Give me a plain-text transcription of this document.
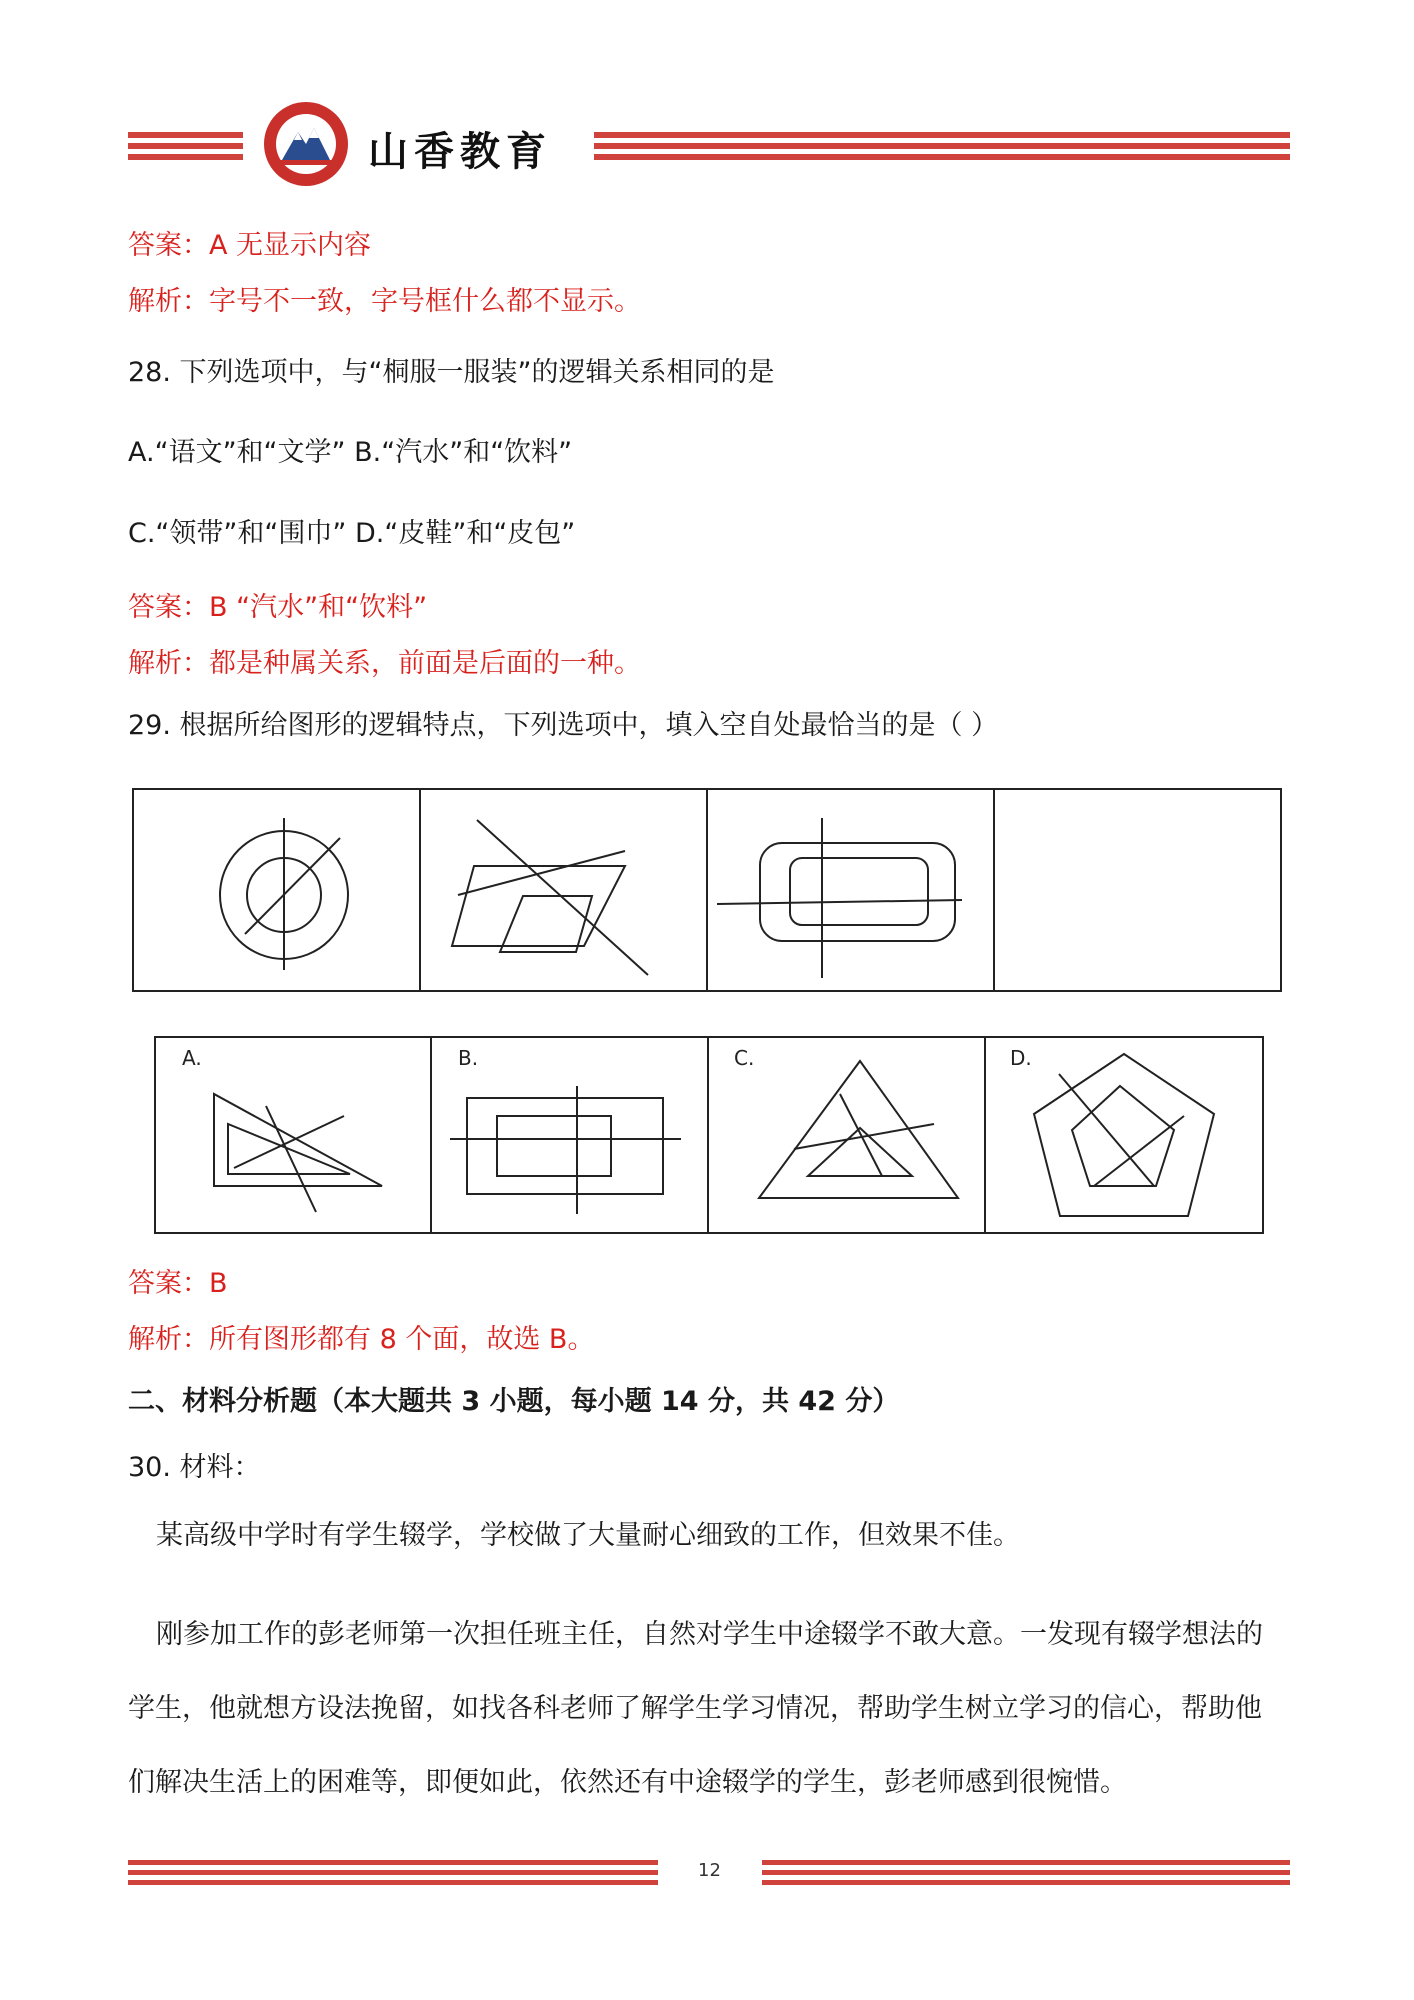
山香教育
答案：A 无显示内容
解析：字号不一致，字号框什么都不显示。
28. 下列选项中，与“桐服一服装”的逻辑关系相同的是
A.“语文”和“文学” B.“汽水”和“饮料”
C.“领带”和“围巾” D.“皮鞋”和“皮包”
答案：B “汽水”和“饮料”
解析：都是种属关系，前面是后面的一种。
29. 根据所给图形的逻辑特点，下列选项中，填入空自处最恰当的是（ ）
A.	B.	C.	D.
答案：B
解析：所有图形都有 8 个面，故选 B。
二、材料分析题（本大题共 3 小题，每小题 14 分，共 42 分）
30. 材料：
某高级中学时有学生辍学，学校做了大量耐心细致的工作，但效果不佳。
刚参加工作的彭老师第一次担任班主任，自然对学生中途辍学不敢大意。一发现有辍学想法的学生，他就想方设法挽留，如找各科老师了解学生学习情况，帮助学生树立学习的信心，帮助他们解决生活上的困难等，即便如此，依然还有中途辍学的学生，彭老师感到很惋惜。
12
